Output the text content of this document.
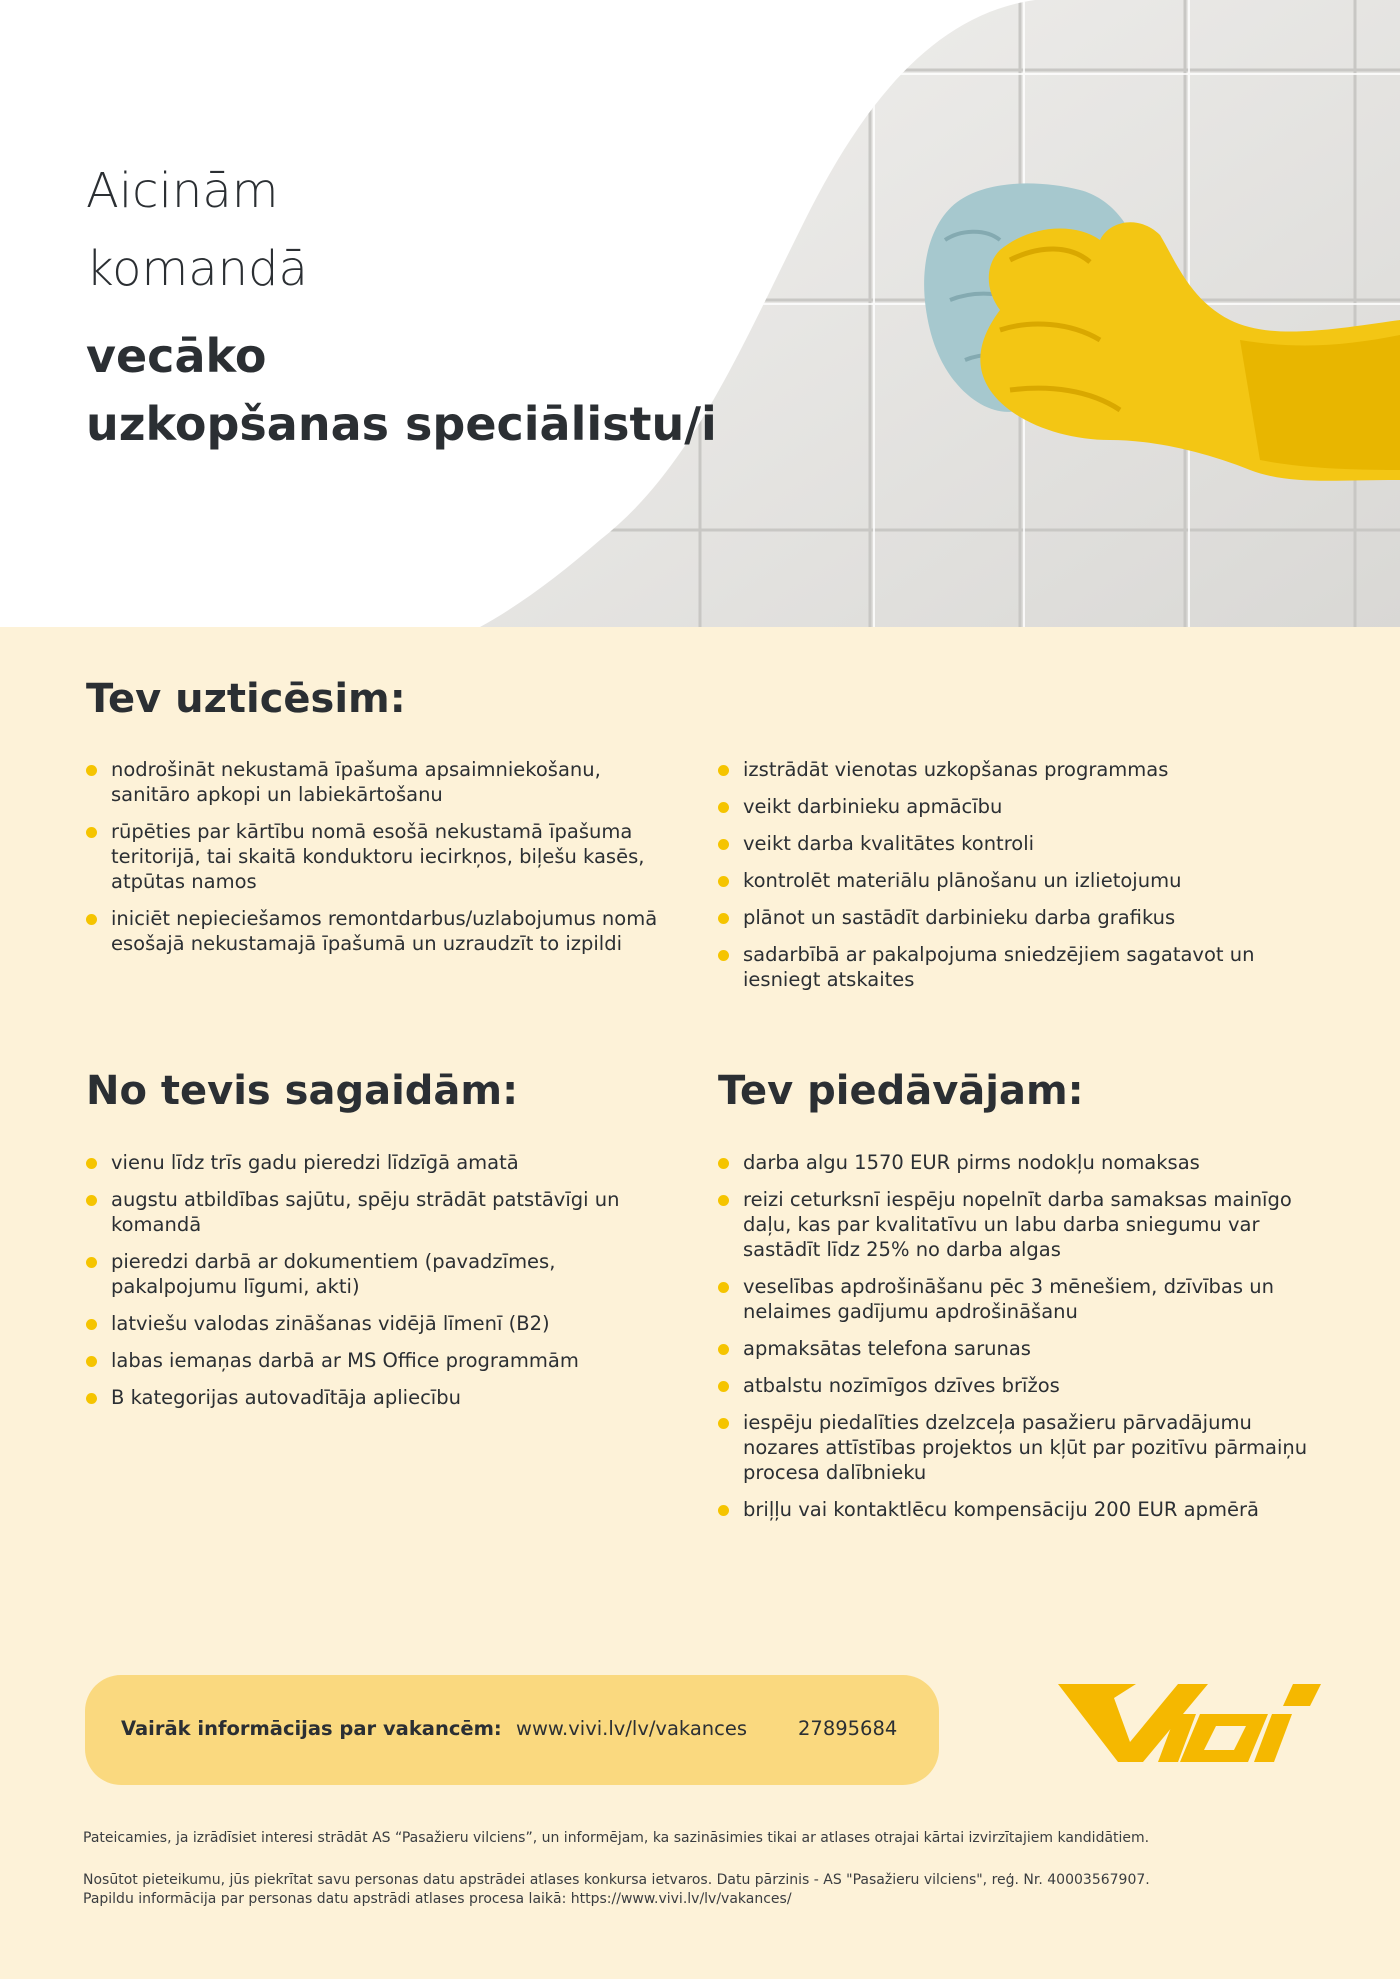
Aicinām

komandā

vecāko

uzkopšanas speciālistu/i

Tev uzticēsim:
nodrošināt nekustamā īpašuma apsaimniekošanu, sanitāro apkopi un labiekārtošanu
rūpēties par kārtību nomā esošā nekustamā īpašuma teritorijā, tai skaitā konduktoru iecirkņos, biļešu kasēs, atpūtas namos
iniciēt nepieciešamos remontdarbus/uzlabojumus nomā esošajā nekustamajā īpašumā un uzraudzīt to izpildi
izstrādāt vienotas uzkopšanas programmas
veikt darbinieku apmācību
veikt darba kvalitātes kontroli
kontrolēt materiālu plānošanu un izlietojumu
plānot un sastādīt darbinieku darba grafikus
sadarbībā ar pakalpojuma sniedzējiem sagatavot un iesniegt atskaites
No tevis sagaidām:
vienu līdz trīs gadu pieredzi līdzīgā amatā
augstu atbildības sajūtu, spēju strādāt patstāvīgi un komandā
pieredzi darbā ar dokumentiem (pavadzīmes, pakalpojumu līgumi, akti)
latviešu valodas zināšanas vidējā līmenī (B2)
labas iemaņas darbā ar MS Office programmām
B kategorijas autovadītāja apliecību
Tev piedāvājam:
darba algu 1570 EUR pirms nodokļu nomaksas
reizi ceturksnī iespēju nopelnīt darba samaksas mainīgo daļu, kas par kvalitatīvu un labu darba sniegumu var sastādīt līdz 25% no darba algas
veselības apdrošināšanu pēc 3 mēnešiem, dzīvības un nelaimes gadījumu apdrošināšanu
apmaksātas telefona sarunas
atbalstu nozīmīgos dzīves brīžos
iespēju piedalīties dzelzceļa pasažieru pārvadājumu nozares attīstības projektos un kļūt par pozitīvu pārmaiņu procesa dalībnieku
briļļu vai kontaktlēcu kompensāciju 200 EUR apmērā
Vairāk informācijas par vakancēm: www.vivi.lv/lv/vakances	27895684

Pateicamies, ja izrādīsiet interesi strādāt AS “Pasažieru vilciens”, un informējam, ka sazināsimies tikai ar atlases otrajai kārtai izvirzītajiem kandidātiem.

Nosūtot pieteikumu, jūs piekrītat savu personas datu apstrādei atlases konkursa ietvaros. Datu pārzinis - AS "Pasažieru vilciens", reģ. Nr. 40003567907.

Papildu informācija par personas datu apstrādi atlases procesa laikā: https://www.vivi.lv/lv/vakances/
